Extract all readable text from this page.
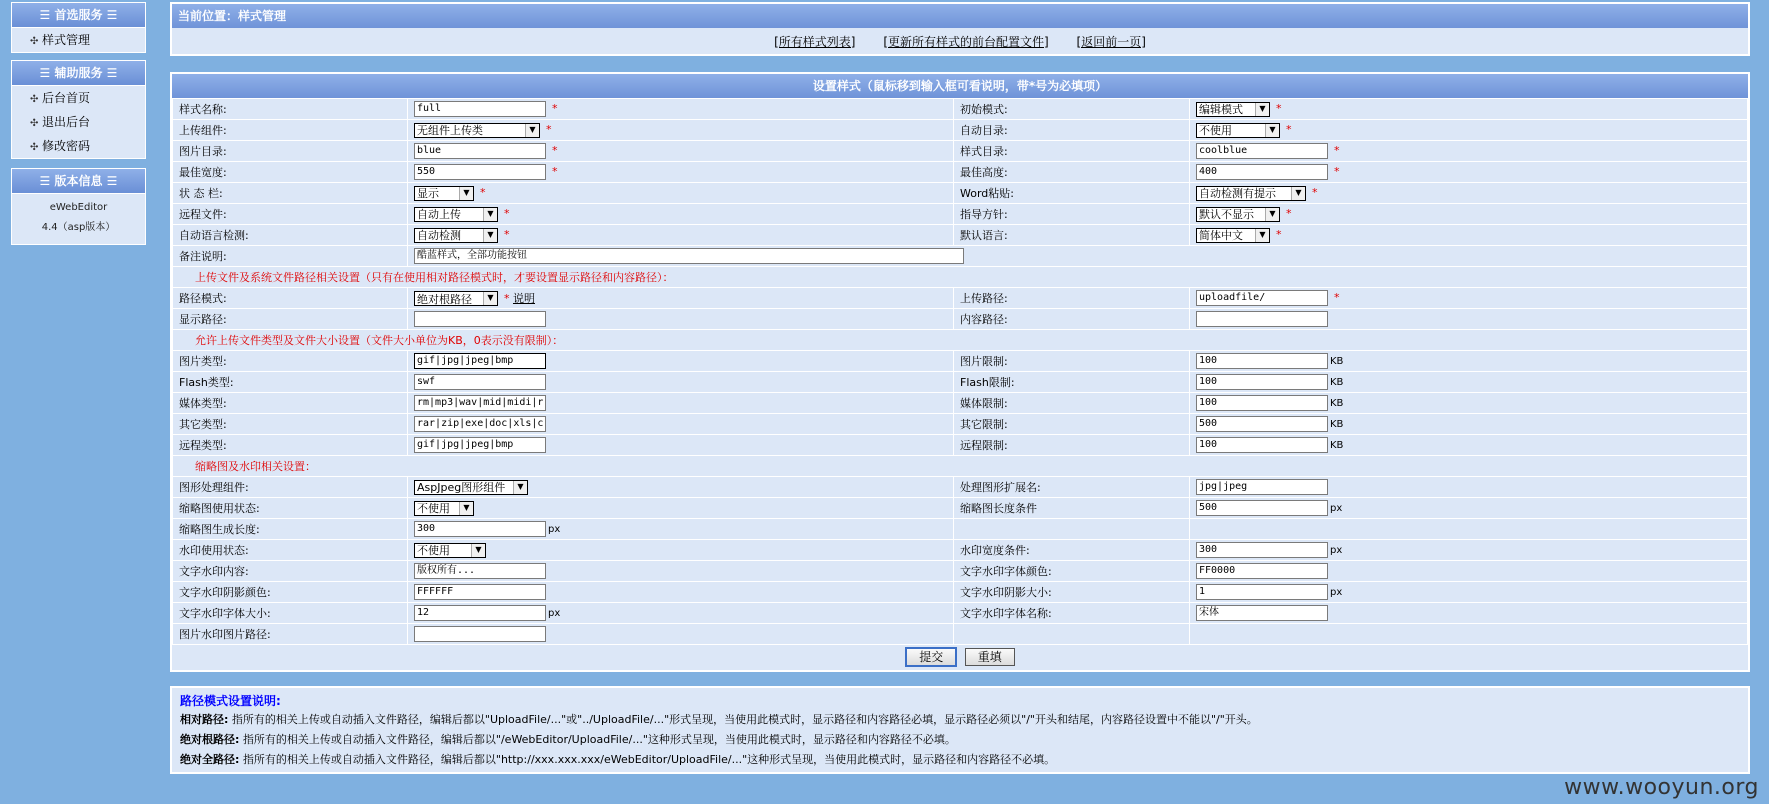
☰ 首选服务 ☰
✣ 样式管理
☰ 辅助服务 ☰
✣ 后台首页
✣ 退出后台
✣ 修改密码
☰ 版本信息 ☰
eWebEditor
4.4（asp版本）
当前位置：样式管理
[所有样式列表] [更新所有样式的前台配置文件] [返回前一页]
设置样式（鼠标移到输入框可看说明，带*号为必填项）
样式名称:	full *	初始模式:	编辑模式 ▼ *
上传组件:	无组件上传类 ▼ *	自动目录:	不使用 ▼ *
图片目录:	blue *	样式目录:	coolblue *
最佳宽度:	550 *	最佳高度:	400 *
状 态 栏:	显示 ▼ *	Word粘贴:	自动检测有提示 ▼ *
远程文件:	自动上传 ▼ *	指导方针:	默认不显示 ▼ *
自动语言检测:	自动检测 ▼ *	默认语言:	简体中文 ▼ *
备注说明:	酷蓝样式，全部功能按钮		
上传文件及系统文件路径相关设置（只有在使用相对路径模式时，才要设置显示路径和内容路径）：			
路径模式:	绝对根路径 ▼ * 说明	上传路径:	uploadfile/ *
显示路径:		内容路径:	
允许上传文件类型及文件大小设置（文件大小单位为KB，0表示没有限制）：			
图片类型:	gif|jpg|jpeg|bmp	图片限制:	100 KB
Flash类型:	swf	Flash限制:	100 KB
媒体类型:	rm|mp3|wav|mid|midi|r	媒体限制:	100 KB
其它类型:	rar|zip|exe|doc|xls|c	其它限制:	500 KB
远程类型:	gif|jpg|jpeg|bmp	远程限制:	100 KB
缩略图及水印相关设置：			
图形处理组件:	AspJpeg图形组件 ▼	处理图形扩展名:	jpg|jpeg
缩略图使用状态:	不使用 ▼	缩略图长度条件	500 px
缩略图生成长度:	300 px		
水印使用状态:	不使用 ▼	水印宽度条件:	300 px
文字水印内容:	版权所有...	文字水印字体颜色:	FF0000
文字水印阴影颜色:	FFFFFF	文字水印阴影大小:	1 px
文字水印字体大小:	12 px	文字水印字体名称:	宋体
图片水印图片路径:			
提交	重填
路径模式设置说明:
相对路径: 指所有的相关上传或自动插入文件路径，编辑后都以"UploadFile/..."或"../UploadFile/..."形式呈现，当使用此模式时，显示路径和内容路径必填，显示路径必须以"/"开头和结尾，内容路径设置中不能以"/"开头。
绝对根路径: 指所有的相关上传或自动插入文件路径，编辑后都以"/eWebEditor/UploadFile/..."这种形式呈现，当使用此模式时，显示路径和内容路径不必填。
绝对全路径: 指所有的相关上传或自动插入文件路径，编辑后都以"http://xxx.xxx.xxx/eWebEditor/UploadFile/..."这种形式呈现，当使用此模式时，显示路径和内容路径不必填。
www.wooyun.org
